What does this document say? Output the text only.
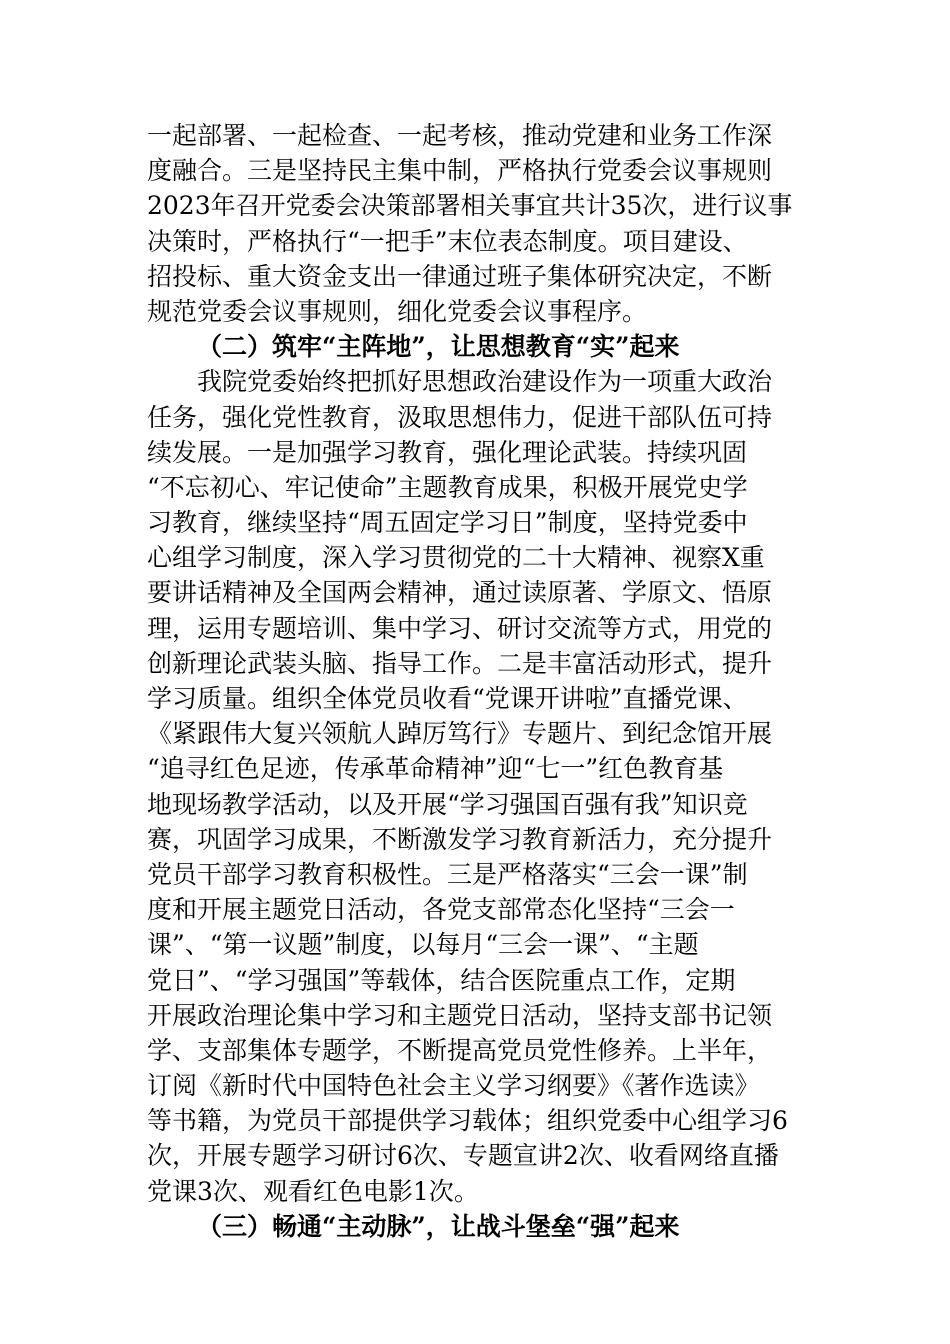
一起部署、一起检查、一起考核，推动党建和业务工作深
度融合。三是坚持民主集中制，严格执行党委会议事规则
2023年召开党委会决策部署相关事宜共计35次，进行议事
决策时，严格执行“一把手”末位表态制度。项目建设、
招投标、重大资金支出一律通过班子集体研究决定，不断
规范党委会议事规则，细化党委会议事程序。
（二）筑牢“主阵地”，让思想教育“实”起来
我院党委始终把抓好思想政治建设作为一项重大政治
任务，强化党性教育，汲取思想伟力，促进干部队伍可持
续发展。一是加强学习教育，强化理论武装。持续巩固
“不忘初心、牢记使命”主题教育成果，积极开展党史学
习教育，继续坚持“周五固定学习日”制度，坚持党委中
心组学习制度，深入学习贯彻党的二十大精神、视察X重
要讲话精神及全国两会精神，通过读原著、学原文、悟原
理，运用专题培训、集中学习、研讨交流等方式，用党的
创新理论武装头脑、指导工作。二是丰富活动形式，提升
学习质量。组织全体党员收看“党课开讲啦”直播党课、
《紧跟伟大复兴领航人踔厉笃行》专题片、到纪念馆开展
“追寻红色足迹，传承革命精神”迎“七一”红色教育基
地现场教学活动，以及开展“学习强国百强有我”知识竞
赛，巩固学习成果，不断激发学习教育新活力，充分提升
党员干部学习教育积极性。三是严格落实“三会一课”制
度和开展主题党日活动，各党支部常态化坚持“三会一
课”、“第一议题”制度，以每月“三会一课”、“主题
党日”、“学习强国”等载体，结合医院重点工作，定期
开展政治理论集中学习和主题党日活动，坚持支部书记领
学、支部集体专题学，不断提高党员党性修养。上半年，
订阅《新时代中国特色社会主义学习纲要》《著作选读》
等书籍，为党员干部提供学习载体；组织党委中心组学习6
次，开展专题学习研讨6次、专题宣讲2次、收看网络直播
党课3次、观看红色电影1次。
（三）畅通“主动脉”，让战斗堡垒“强”起来
